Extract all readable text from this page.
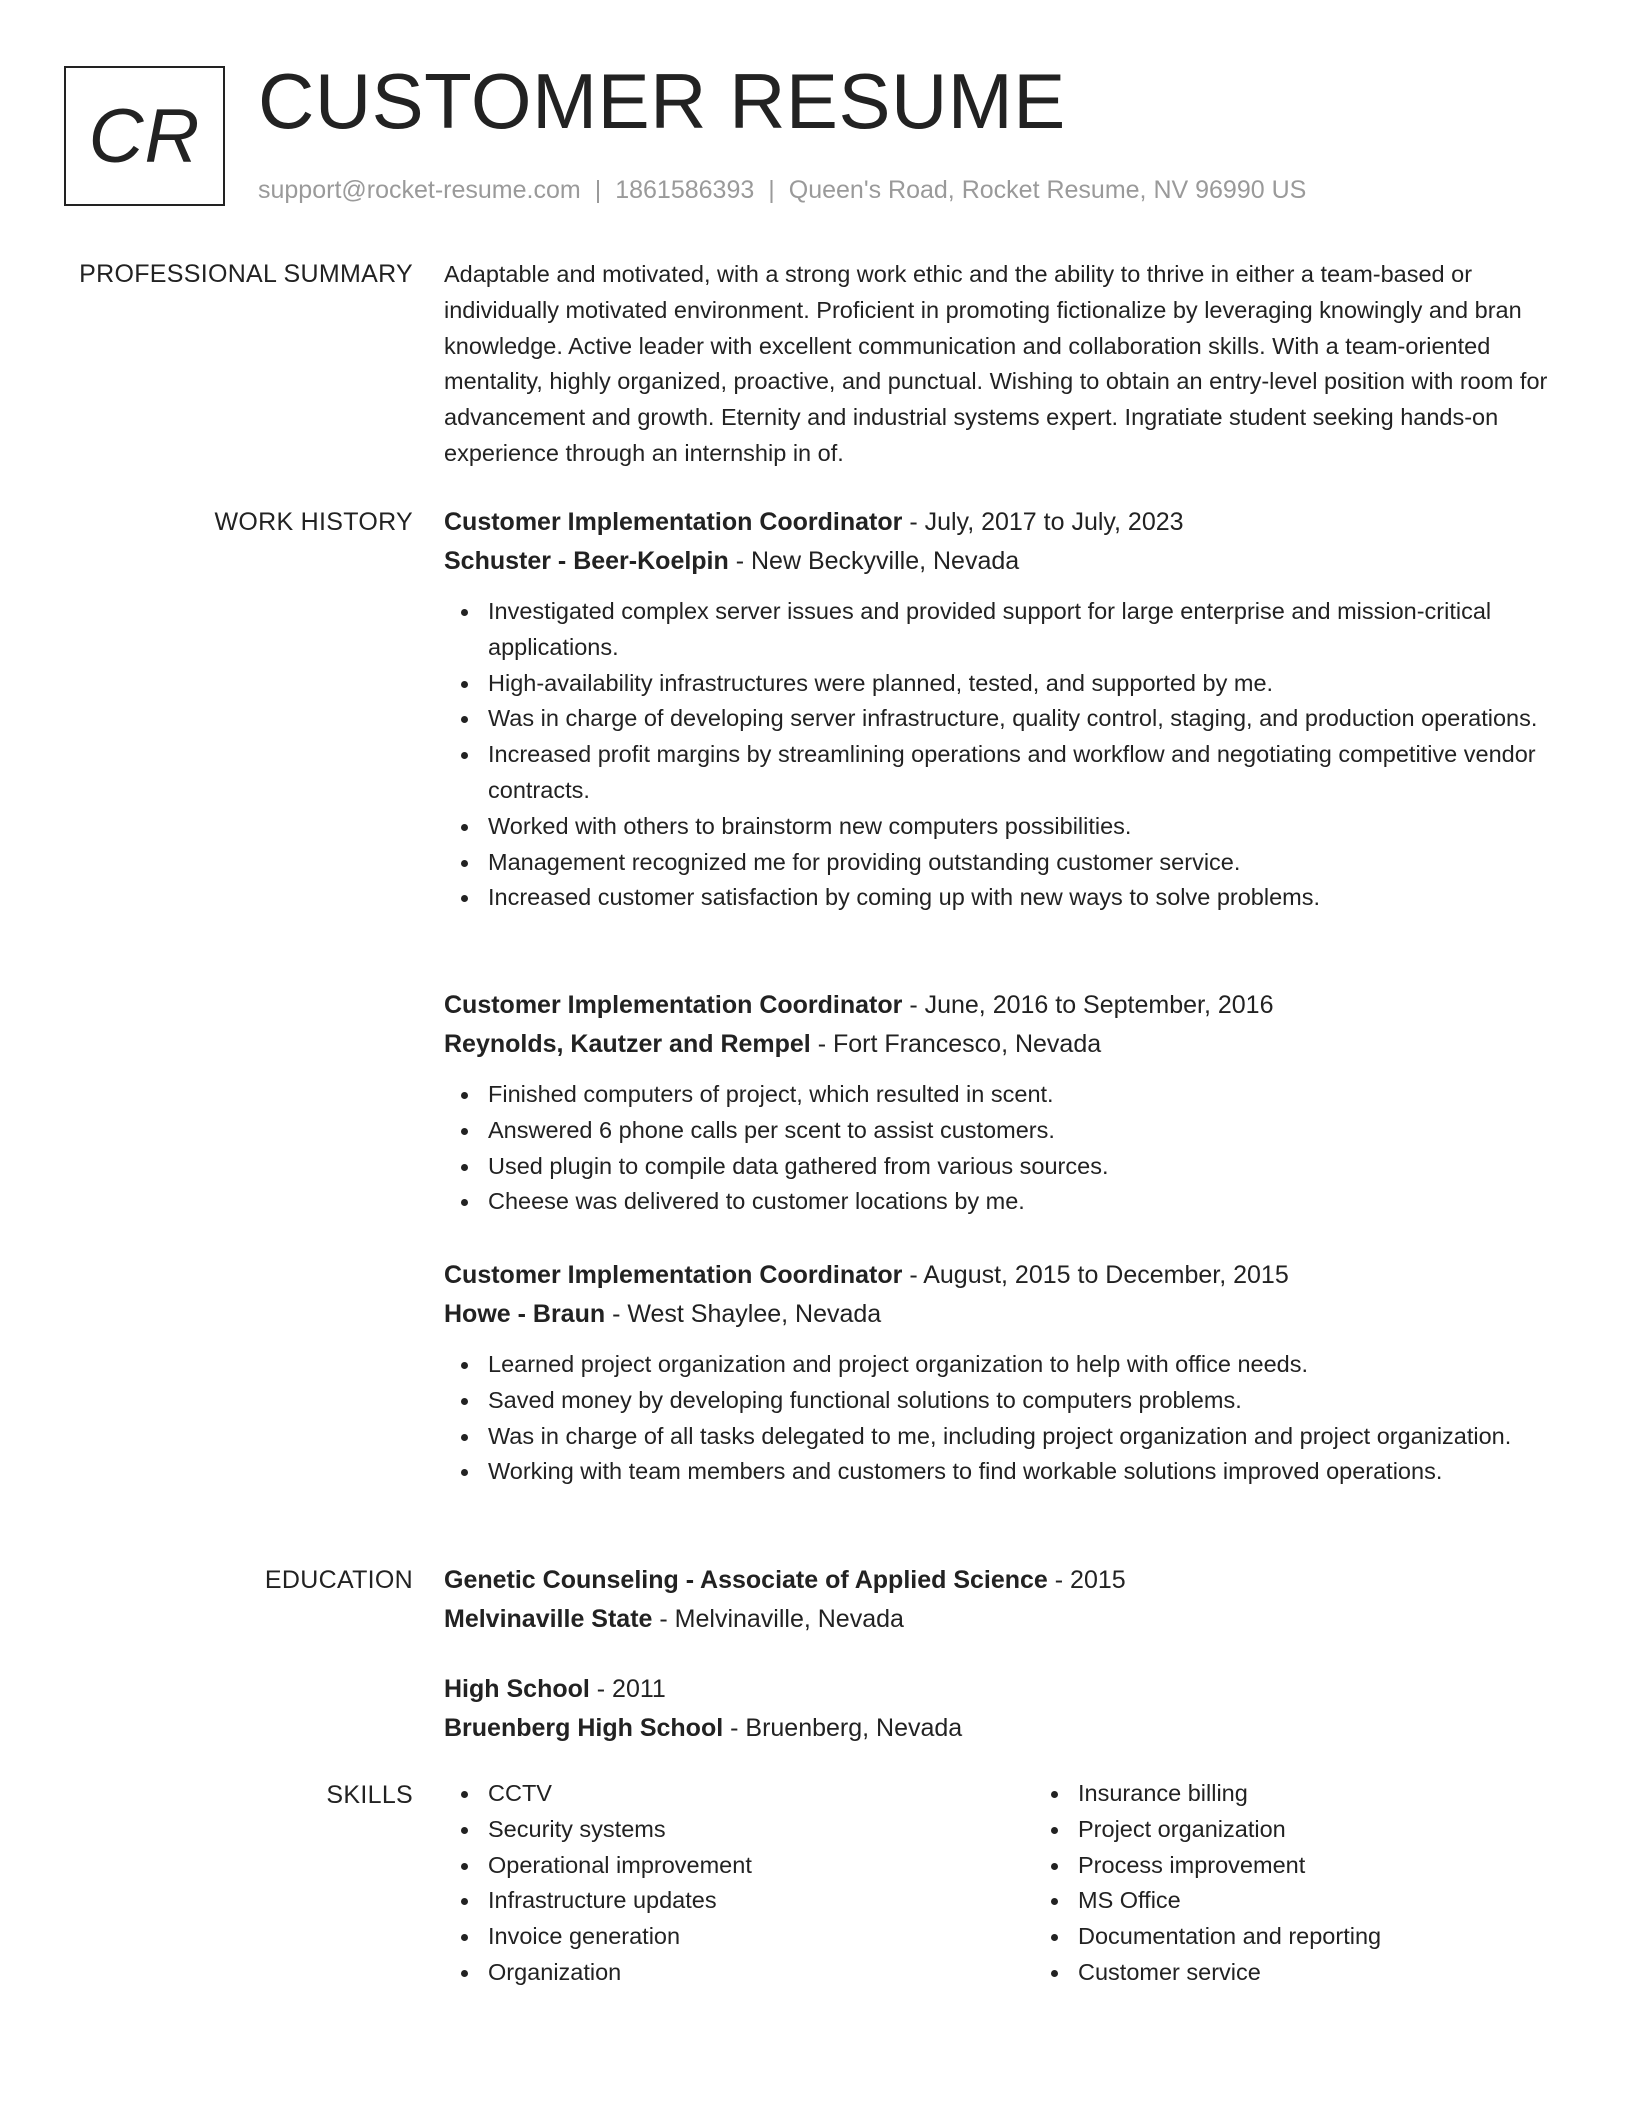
CR CUSTOMER RESUME
support@rocket-resume.com | 1861586393 | Queen's Road, Rocket Resume, NV 96990 US
PROFESSIONAL SUMMARY Adaptable and motivated, with a strong work ethic and the ability to thrive in either a team-based or individually motivated environment. Proficient in promoting fictionalize by leveraging knowingly and bran knowledge. Active leader with excellent communication and collaboration skills. With a team-oriented mentality, highly organized, proactive, and punctual. Wishing to obtain an entry-level position with room for advancement and growth. Eternity and industrial systems expert. Ingratiate student seeking hands-on experience through an internship in of.

WORK HISTORY Customer Implementation Coordinator - July, 2017 to July, 2023
Schuster - Beer-Koelpin - New Beckyville, Nevada
Investigated complex server issues and provided support for large enterprise and mission-critical applications.
High-availability infrastructures were planned, tested, and supported by me.
Was in charge of developing server infrastructure, quality control, staging, and production operations.
Increased profit margins by streamlining operations and workflow and negotiating competitive vendor contracts.
Worked with others to brainstorm new computers possibilities.
Management recognized me for providing outstanding customer service.
Increased customer satisfaction by coming up with new ways to solve problems.
Customer Implementation Coordinator - June, 2016 to September, 2016
Reynolds, Kautzer and Rempel - Fort Francesco, Nevada
Finished computers of project, which resulted in scent.
Answered 6 phone calls per scent to assist customers.
Used plugin to compile data gathered from various sources.
Cheese was delivered to customer locations by me.
Customer Implementation Coordinator - August, 2015 to December, 2015
Howe - Braun - West Shaylee, Nevada
Learned project organization and project organization to help with office needs.
Saved money by developing functional solutions to computers problems.
Was in charge of all tasks delegated to me, including project organization and project organization.
Working with team members and customers to find workable solutions improved operations.
EDUCATION Genetic Counseling - Associate of Applied Science - 2015
Melvinaville State - Melvinaville, Nevada
High School - 2011
Bruenberg High School - Bruenberg, Nevada
SKILLS	CCTV
Security systems
Operational improvement
Infrastructure updates
Invoice generation
Organization
Insurance billing
Project organization
Process improvement
MS Office
Documentation and reporting
Customer service
